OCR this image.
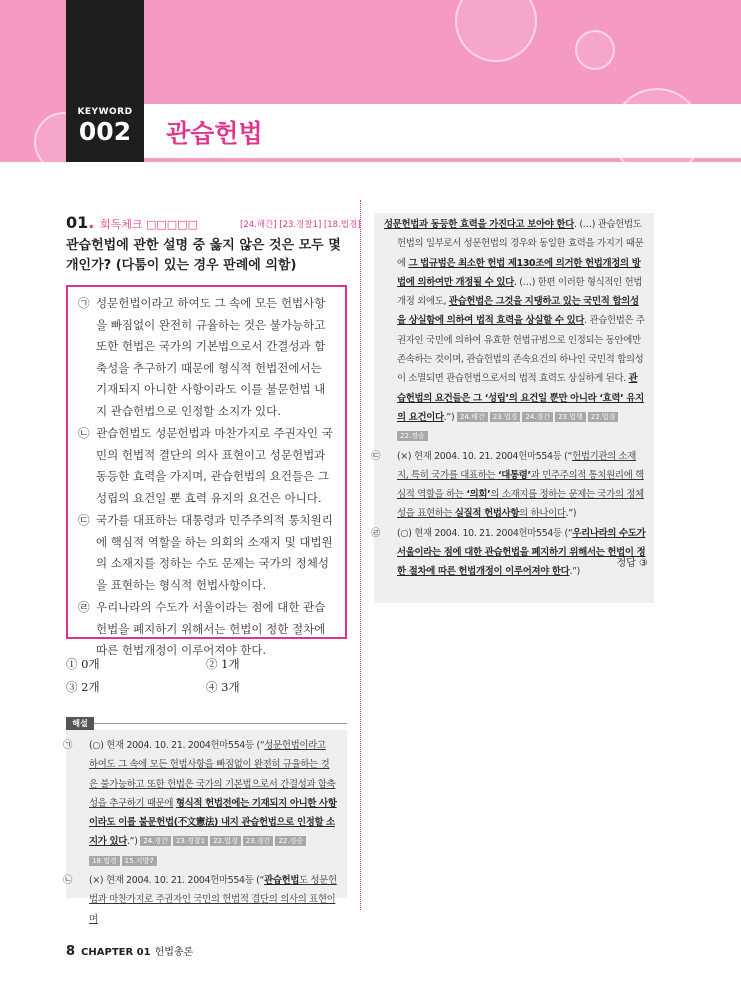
KEYWORD
002	관습헌법
01. 회독체크 □□□□□	[24.해간] [23.경찰1] [18.법경]
관습헌법에 관한 설명 중 옳지 않은 것은 모두 몇 개인가? (다툼이 있는 경우 판례에 의함)
㉠ 성문헌법이라고 하여도 그 속에 모든 헌법사항을 빠짐없이 완전히 규율하는 것은 불가능하고 또한 헌법은 국가의 기본법으로서 간결성과 함축성을 추구하기 때문에 형식적 헌법전에서는 기재되지 아니한 사항이라도 이를 불문헌법 내지 관습헌법으로 인정할 소지가 있다.
㉡ 관습헌법도 성문헌법과 마찬가지로 주권자인 국민의 헌법적 결단의 의사 표현이고 성문헌법과 동등한 효력을 가지며, 관습헌법의 요건들은 그 성립의 요건일 뿐 효력 유지의 요건은 아니다.
㉢ 국가를 대표하는 대통령과 민주주의적 통치원리에 핵심적 역할을 하는 의회의 소재지 및 대법원의 소재지를 정하는 수도 문제는 국가의 정체성을 표현하는 형식적 헌법사항이다.
㉣ 우리나라의 수도가 서울이라는 점에 대한 관습헌법을 폐지하기 위해서는 헌법이 정한 절차에 따른 헌법개정이 이루어져야 한다.
① 0개	② 1개
③ 2개	④ 3개
해설

㉠ (○) 현재 2004. 10. 21. 2004헌마554등 (“성문헌법이라고 하여도 그 속에 모든 헌법사항을 빠짐없이 완전히 규율하는 것은 불가능하고 또한 헌법은 국가의 기본법으로서 간결성과 함축성을 추구하기 때문에 형식적 헌법전에는 기재되지 아니한 사항이라도 이를 불문헌법(不文憲法) 내지 관습헌법으로 인정할 소지가 있다.”) 24.경간 23.경찰1 22.법경 23.경간 22.경승18.법경 15.지방7

㉡ (×) 현재 2004. 10. 21. 2004헌마554등 (“관습헌법도 성문헌법과 마찬가지로 주권자인 국민의 헌법적 결단의 의사의 표현이며

성문헌법과 동등한 효력을 가진다고 보아야 한다. (…) 관습헌법도 헌법의 일부로서 성문헌법의 경우와 동일한 효력을 가지기 때문에 그 법규범은 최소한 헌법 제130조에 의거한 헌법개정의 방법에 의하여만 개정될 수 있다. (…) 한편 이러한 형식적인 헌법개정 외에도, 관습헌법은 그것을 지탱하고 있는 국민적 합의성을 상실함에 의하여 법적 효력을 상실할 수 있다. 관습헌법은 주권자인 국민에 의하여 유효한 헌법규범으로 인정되는 동안에만 존속하는 것이며, 관습헌법의 존속요건의 하나인 국민적 합의성이 소멸되면 관습헌법으로서의 법적 효력도 상실하게 된다. 관습헌법의 요건들은 그 ‘성립’의 요건일 뿐만 아니라 ‘효력’ 유지의 요건이다.”) 24.해간 23.법경 24.경간 23.법행 22.법경22.경승

㉢ (×) 현재 2004. 10. 21. 2004헌마554등 (“헌법기관의 소재지, 특히 국가를 대표하는 ‘대통령’과 민주주의적 통치원리에 핵심적 역할을 하는 ‘의회’의 소재지를 정하는 문제는 국가의 정체성을 표현하는 실질적 헌법사항의 하나이다.”)

㉣ (○) 현재 2004. 10. 21. 2004헌마554등 (“우리나라의 수도가 서울이라는 점에 대한 관습헌법을 폐지하기 위해서는 헌법이 정한 절차에 따른 헌법개정이 이루어져야 한다.”)

정답 ③
8 CHAPTER 01 헌법총론
